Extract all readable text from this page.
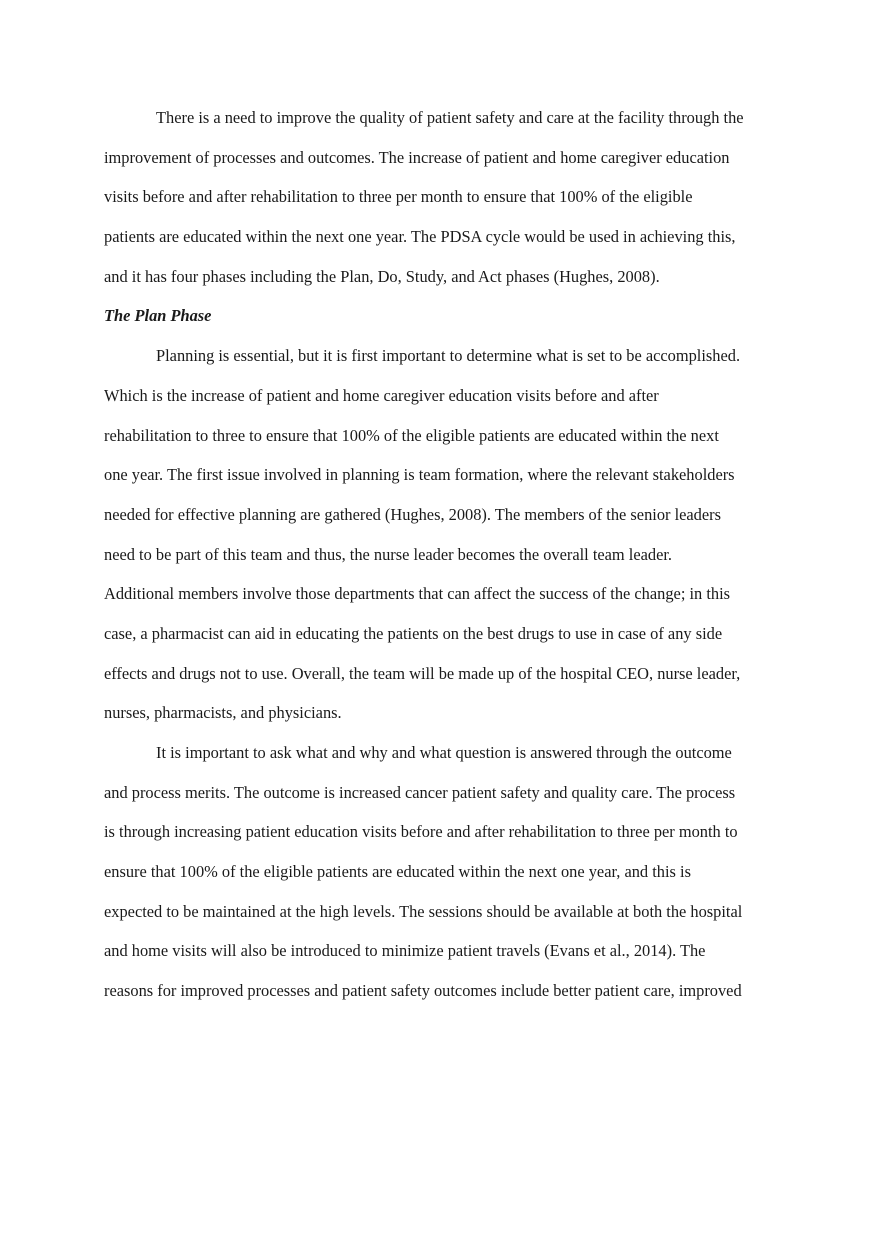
There is a need to improve the quality of patient safety and care at the facility through the
improvement of processes and outcomes. The increase of patient and home caregiver education
visits before and after rehabilitation to three per month to ensure that 100% of the eligible
patients are educated within the next one year. The PDSA cycle would be used in achieving this,
and it has four phases including the Plan, Do, Study, and Act phases (Hughes, 2008).
The Plan Phase
Planning is essential, but it is first important to determine what is set to be accomplished.
Which is the increase of patient and home caregiver education visits before and after
rehabilitation to three to ensure that 100% of the eligible patients are educated within the next
one year. The first issue involved in planning is team formation, where the relevant stakeholders
needed for effective planning are gathered (Hughes, 2008). The members of the senior leaders
need to be part of this team and thus, the nurse leader becomes the overall team leader.
Additional members involve those departments that can affect the success of the change; in this
case, a pharmacist can aid in educating the patients on the best drugs to use in case of any side
effects and drugs not to use. Overall, the team will be made up of the hospital CEO, nurse leader,
nurses, pharmacists, and physicians.
It is important to ask what and why and what question is answered through the outcome
and process merits. The outcome is increased cancer patient safety and quality care. The process
is through increasing patient education visits before and after rehabilitation to three per month to
ensure that 100% of the eligible patients are educated within the next one year, and this is
expected to be maintained at the high levels. The sessions should be available at both the hospital
and home visits will also be introduced to minimize patient travels (Evans et al., 2014). The
reasons for improved processes and patient safety outcomes include better patient care, improved
